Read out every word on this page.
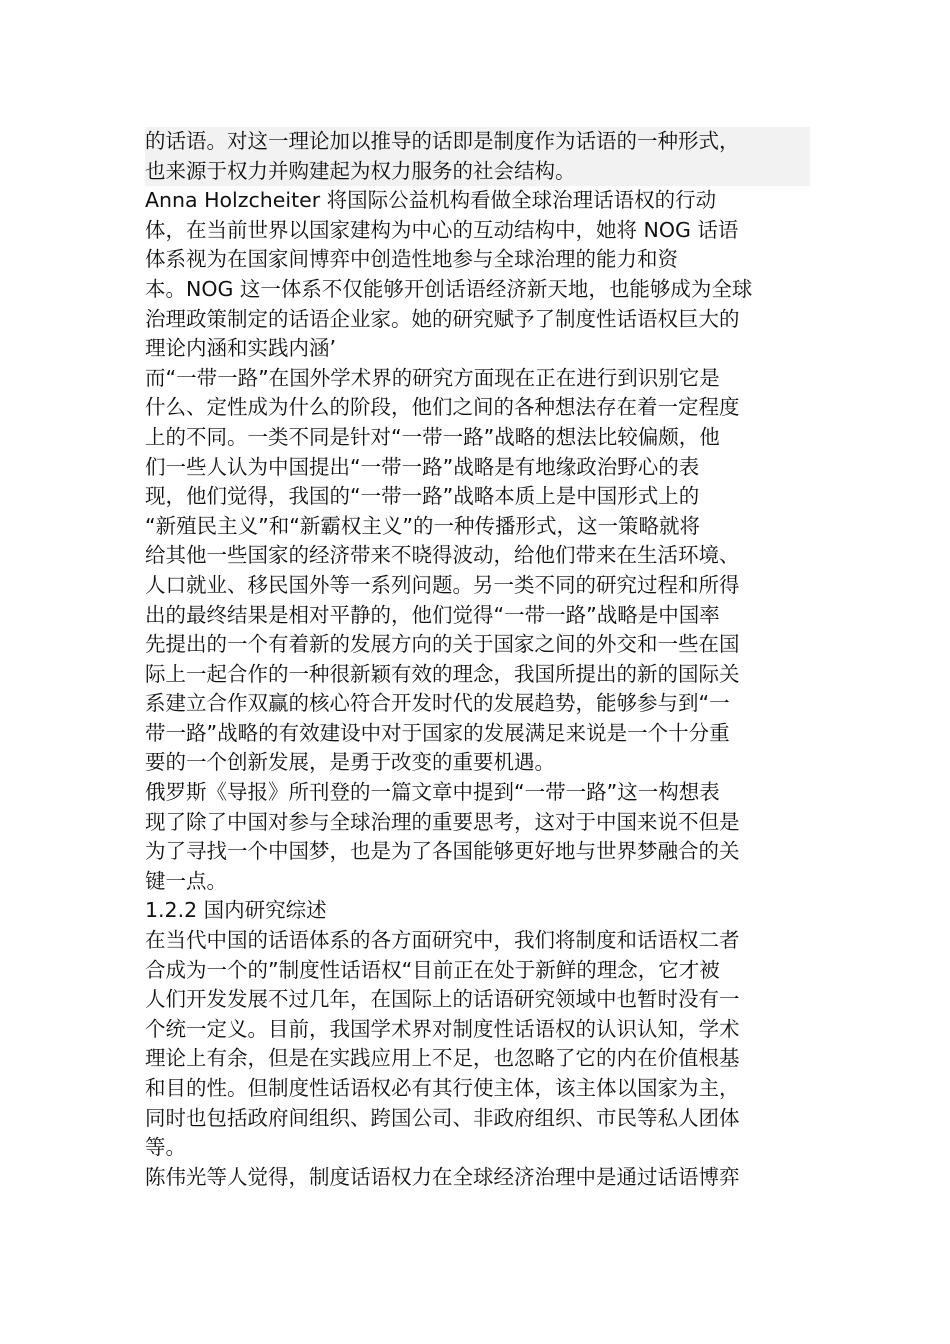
的话语。对这一理论加以推导的话即是制度作为话语的一种形式，
也来源于权力并购建起为权力服务的社会结构。
Anna Holzcheiter 将国际公益机构看做全球治理话语权的行动
体，在当前世界以国家建构为中心的互动结构中，她将 NOG 话语
体系视为在国家间博弈中创造性地参与全球治理的能力和资
本。NOG 这一体系不仅能够开创话语经济新天地，也能够成为全球
治理政策制定的话语企业家。她的研究赋予了制度性话语权巨大的
理论内涵和实践内涵’
而“一带一路”在国外学术界的研究方面现在正在进行到识别它是
什么、定性成为什么的阶段，他们之间的各种想法存在着一定程度
上的不同。一类不同是针对“一带一路”战略的想法比较偏颇，他
们一些人认为中国提出“一带一路”战略是有地缘政治野心的表
现，他们觉得，我国的“一带一路”战略本质上是中国形式上的
“新殖民主义”和“新霸权主义”的一种传播形式，这一策略就将
给其他一些国家的经济带来不晓得波动，给他们带来在生活环境、
人口就业、移民国外等一系列问题。另一类不同的研究过程和所得
出的最终结果是相对平静的，他们觉得“一带一路”战略是中国率
先提出的一个有着新的发展方向的关于国家之间的外交和一些在国
际上一起合作的一种很新颖有效的理念，我国所提出的新的国际关
系建立合作双赢的核心符合开发时代的发展趋势，能够参与到“一
带一路”战略的有效建设中对于国家的发展满足来说是一个十分重
要的一个创新发展，是勇于改变的重要机遇。
俄罗斯《导报》所刊登的一篇文章中提到“一带一路”这一构想表
现了除了中国对参与全球治理的重要思考，这对于中国来说不但是
为了寻找一个中国梦，也是为了各国能够更好地与世界梦融合的关
键一点。
1.2.2 国内研究综述
在当代中国的话语体系的各方面研究中，我们将制度和话语权二者
合成为一个的”制度性话语权“目前正在处于新鲜的理念，它才被
人们开发发展不过几年，在国际上的话语研究领域中也暂时没有一
个统一定义。目前，我国学术界对制度性话语权的认识认知，学术
理论上有余，但是在实践应用上不足，也忽略了它的内在价值根基
和目的性。但制度性话语权必有其行使主体，该主体以国家为主，
同时也包括政府间组织、跨国公司、非政府组织、市民等私人团体
等。
陈伟光等人觉得，制度话语权力在全球经济治理中是通过话语博弈
